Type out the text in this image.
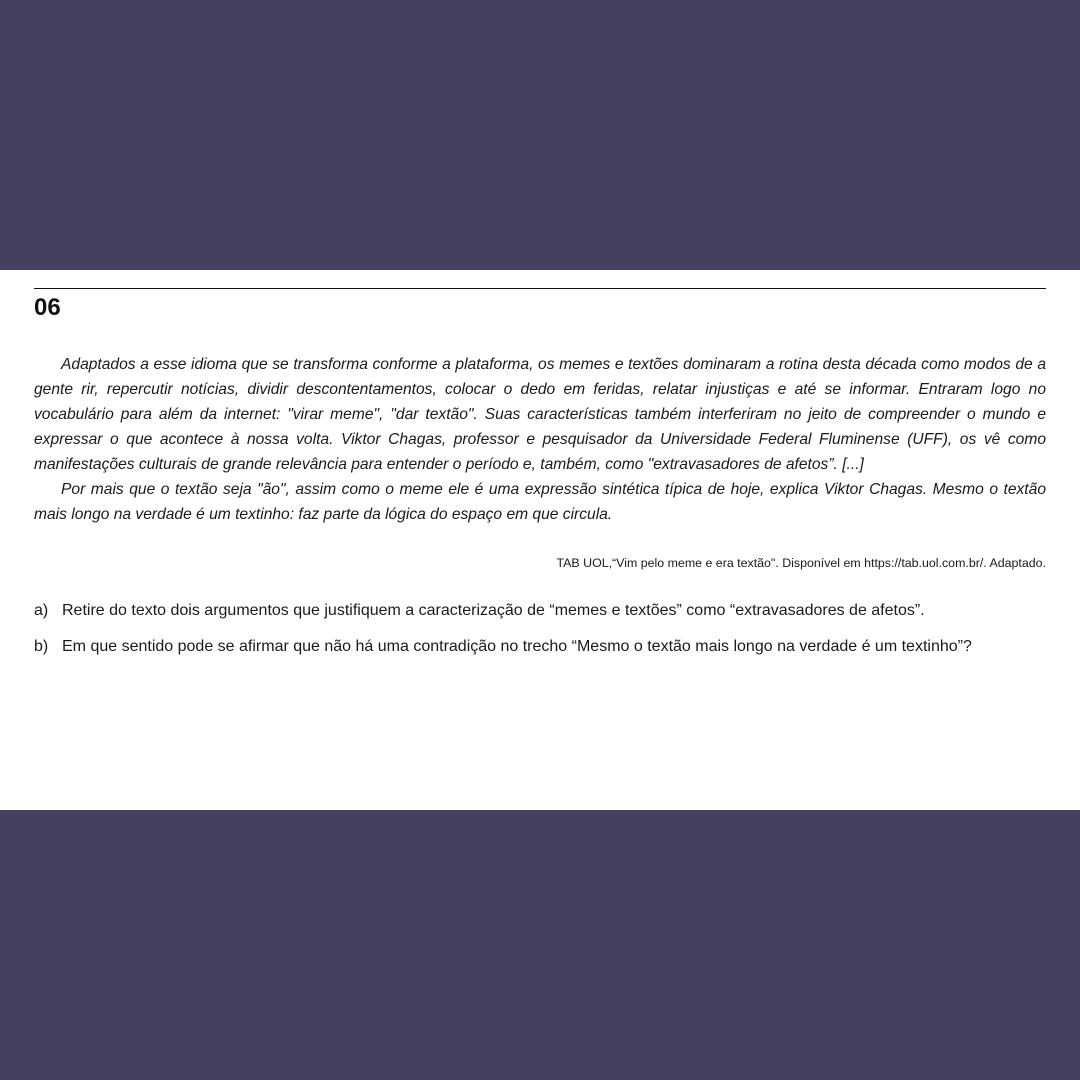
06

Adaptados a esse idioma que se transforma conforme a plataforma, os memes e textões dominaram a rotina desta década como modos de a gente rir, repercutir notícias, dividir descontentamentos, colocar o dedo em feridas, relatar injustiças e até se informar. Entraram logo no vocabulário para além da internet: "virar meme", "dar textão". Suas características também interferiram no jeito de compreender o mundo e expressar o que acontece à nossa volta. Viktor Chagas, professor e pesquisador da Universidade Federal Fluminense (UFF), os vê como manifestações culturais de grande relevância para entender o período e, também, como "extravasadores de afetos”. [...]

Por mais que o textão seja "ão", assim como o meme ele é uma expressão sintética típica de hoje, explica Viktor Chagas. Mesmo o textão mais longo na verdade é um textinho: faz parte da lógica do espaço em que circula.

TAB UOL,“Vim pelo meme e era textão". Disponível em https://tab.uol.com.br/. Adaptado.
a) Retire do texto dois argumentos que justifiquem a caracterização de “memes e textões” como “extravasadores de afetos”.
b) Em que sentido pode se afirmar que não há uma contradição no trecho “Mesmo o textão mais longo na verdade é um textinho”?
